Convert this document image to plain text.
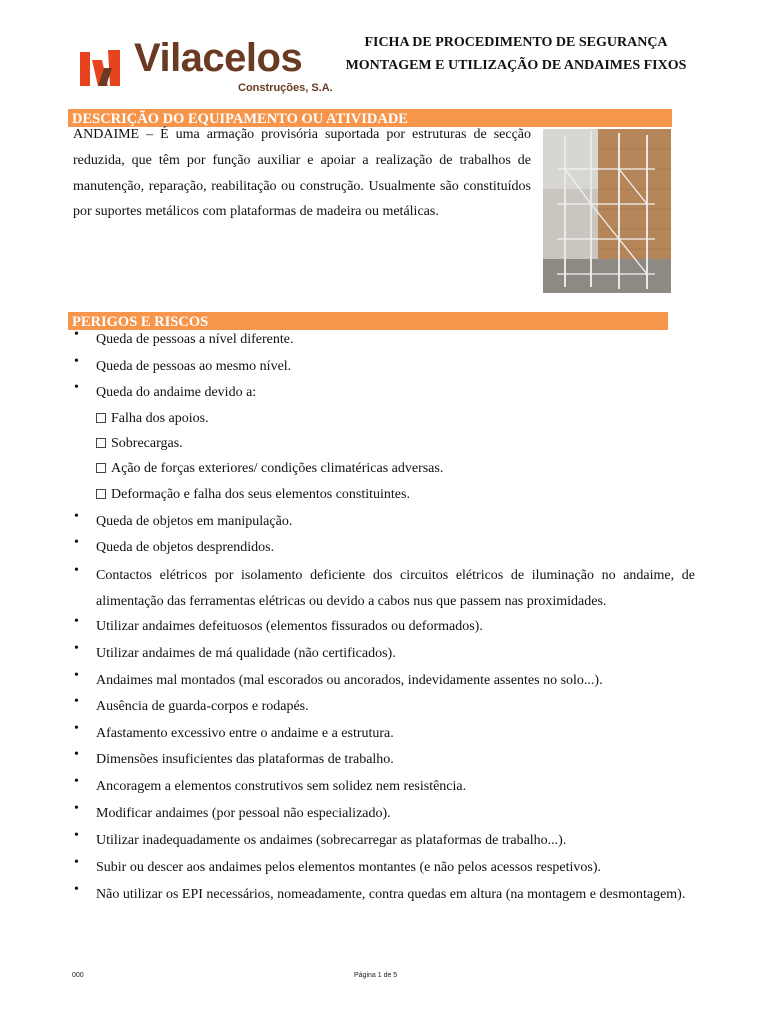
Vilacelos
Construções, S.A.
FICHA DE PROCEDIMENTO DE SEGURANÇA
MONTAGEM E UTILIZAÇÃO DE ANDAIMES FIXOS
DESCRIÇÃO DO EQUIPAMENTO OU ATIVIDADE
ANDAIME – É uma armação provisória suportada por estruturas de secção reduzida, que têm por função auxiliar e apoiar a realização de trabalhos de manutenção, reparação, reabilitação ou construção. Usualmente são constituídos por suportes metálicos com plataformas de madeira ou metálicas.
PERIGOS E RISCOS
• Queda de pessoas a nível diferente.
• Queda de pessoas ao mesmo nível.
• Queda do andaime devido a:
Falha dos apoios.
Sobrecargas.
Ação de forças exteriores/ condições climatéricas adversas.
Deformação e falha dos seus elementos constituintes.
• Queda de objetos em manipulação.
• Queda de objetos desprendidos.
• Contactos elétricos por isolamento deficiente dos circuitos elétricos de iluminação no andaime, de alimentação das ferramentas elétricas ou devido a cabos nus que passem nas proximidades.
• Utilizar andaimes defeituosos (elementos fissurados ou deformados).
• Utilizar andaimes de má qualidade (não certificados).
• Andaimes mal montados (mal escorados ou ancorados, indevidamente assentes no solo...).
• Ausência de guarda-corpos e rodapés.
• Afastamento excessivo entre o andaime e a estrutura.
• Dimensões insuficientes das plataformas de trabalho.
• Ancoragem a elementos construtivos sem solidez nem resistência.
• Modificar andaimes (por pessoal não especializado).
• Utilizar inadequadamente os andaimes (sobrecarregar as plataformas de trabalho...).
• Subir ou descer aos andaimes pelos elementos montantes (e não pelos acessos respetivos).
• Não utilizar os EPI necessários, nomeadamente, contra quedas em altura (na montagem e desmontagem).
000	Página 1 de 5
